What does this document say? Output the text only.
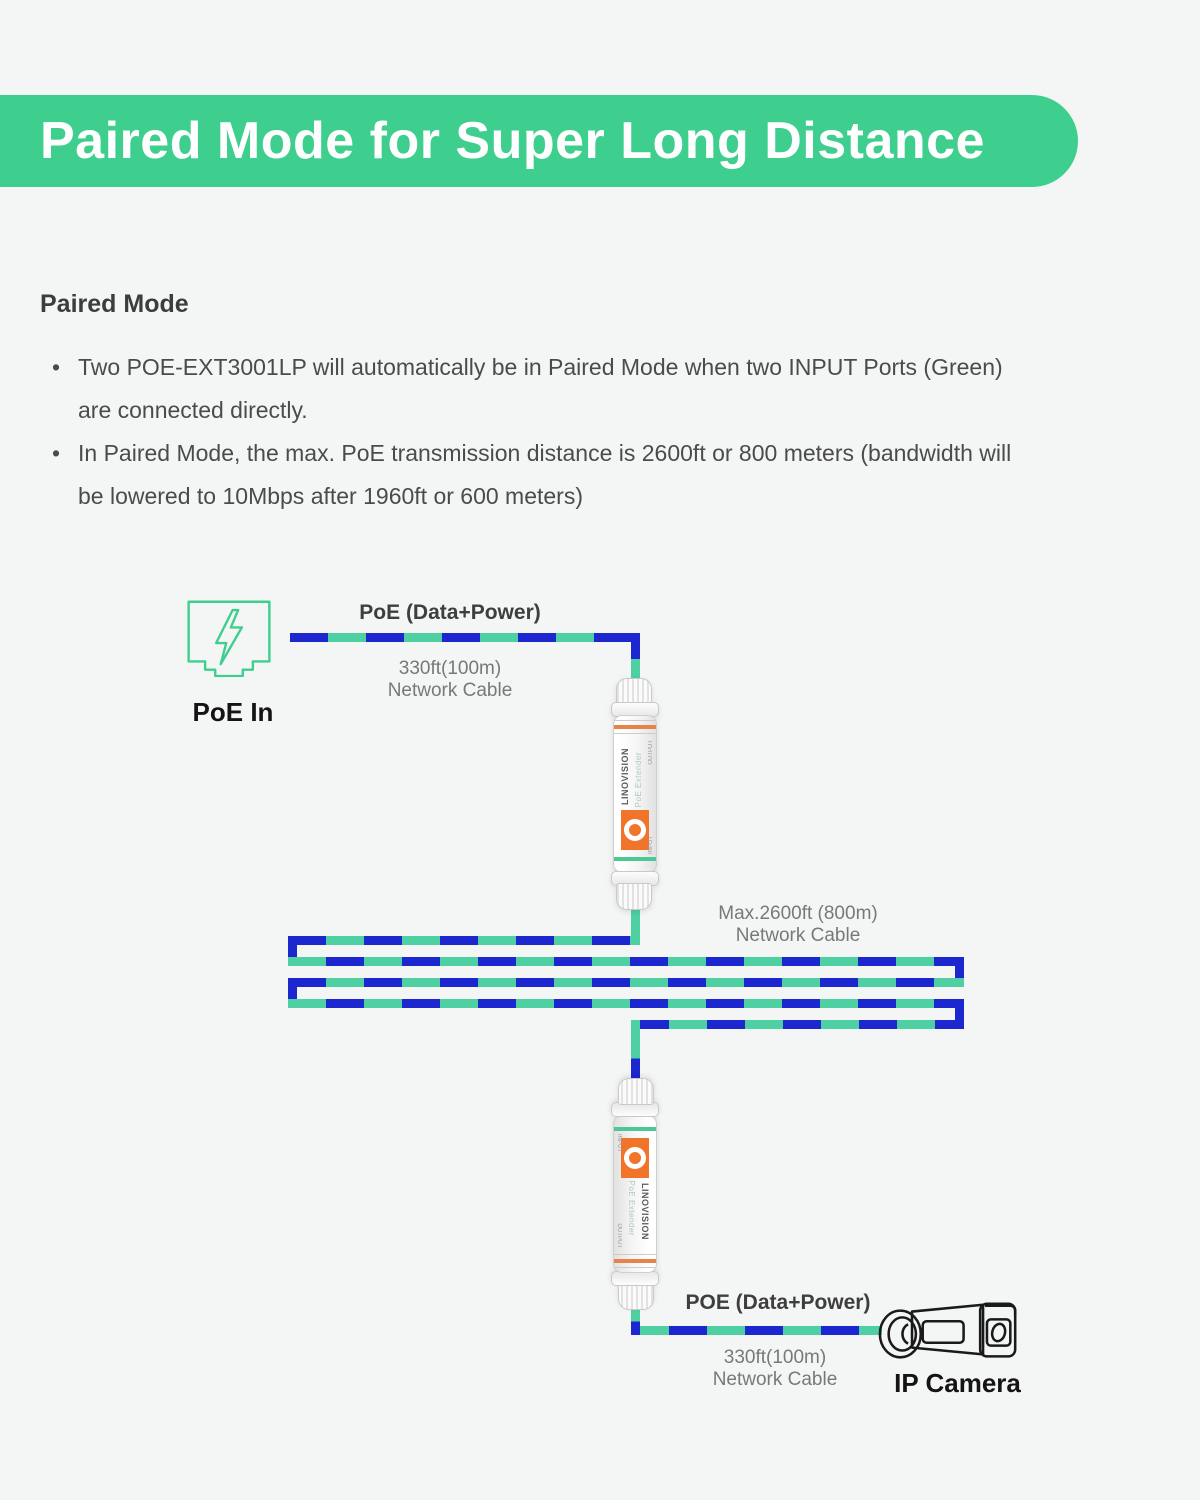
Paired Mode for Super Long Distance
Paired Mode
• Two POE-EXT3001LP will automatically be in Paired Mode when two INPUT Ports (Green) are connected directly.
• In Paired Mode, the max. PoE transmission distance is 2600ft or 800 meters (bandwidth will be lowered to 10Mbps after 1960ft or 600 meters)
PoE In
PoE (Data+Power)
330ft(100m)
Network Cable
OUTPUT
LINOVISION PoE Extender
INPUT
Max.2600ft (800m)
Network Cable
OUTPUT LINOVISION
PoE Extender
INPUT
POE (Data+Power)
330ft(100m)
Network Cable	IP Camera
